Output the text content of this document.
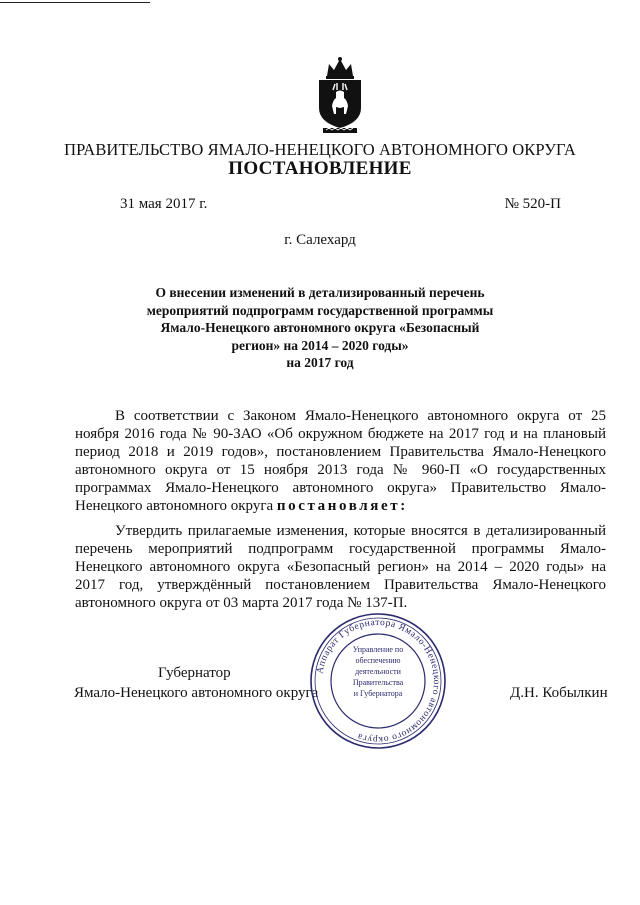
ПРАВИТЕЛЬСТВО ЯМАЛО-НЕНЕЦКОГО АВТОНОМНОГО ОКРУГА
ПОСТАНОВЛЕНИЕ
31 мая 2017 г.	№ 520-П
г. Салехард
О внесении изменений в детализированный перечень
мероприятий подпрограмм государственной программы
Ямало-Ненецкого автономного округа «Безопасный
регион» на 2014 – 2020 годы»
на 2017 год
В соответствии с Законом Ямало-Ненецкого автономного округа от 25 ноября 2016 года № 90-ЗАО «Об окружном бюджете на 2017 год и на плановый период 2018 и 2019 годов», постановлением Правительства Ямало-Ненецкого автономного округа от 15 ноября 2013 года № 960-П «О государственных программах Ямало-Ненецкого автономного округа» Правительство Ямало-Ненецкого автономного округа постановляет:
Утвердить прилагаемые изменения, которые вносятся в детализированный перечень мероприятий подпрограмм государственной программы Ямало-Ненецкого автономного округа «Безопасный регион» на 2014 – 2020 годы» на 2017 год, утверждённый постановлением Правительства Ямало-Ненецкого автономного округа от 03 марта 2017 года № 137-П.
Губернатор
Ямало-Ненецкого автономного округа	Д.Н. Кобылкин
Аппарат Губернатора Ямало-Ненецкого автономного округа
Управление по
обеспечению
деятельности
Правительства
и Губернатора
